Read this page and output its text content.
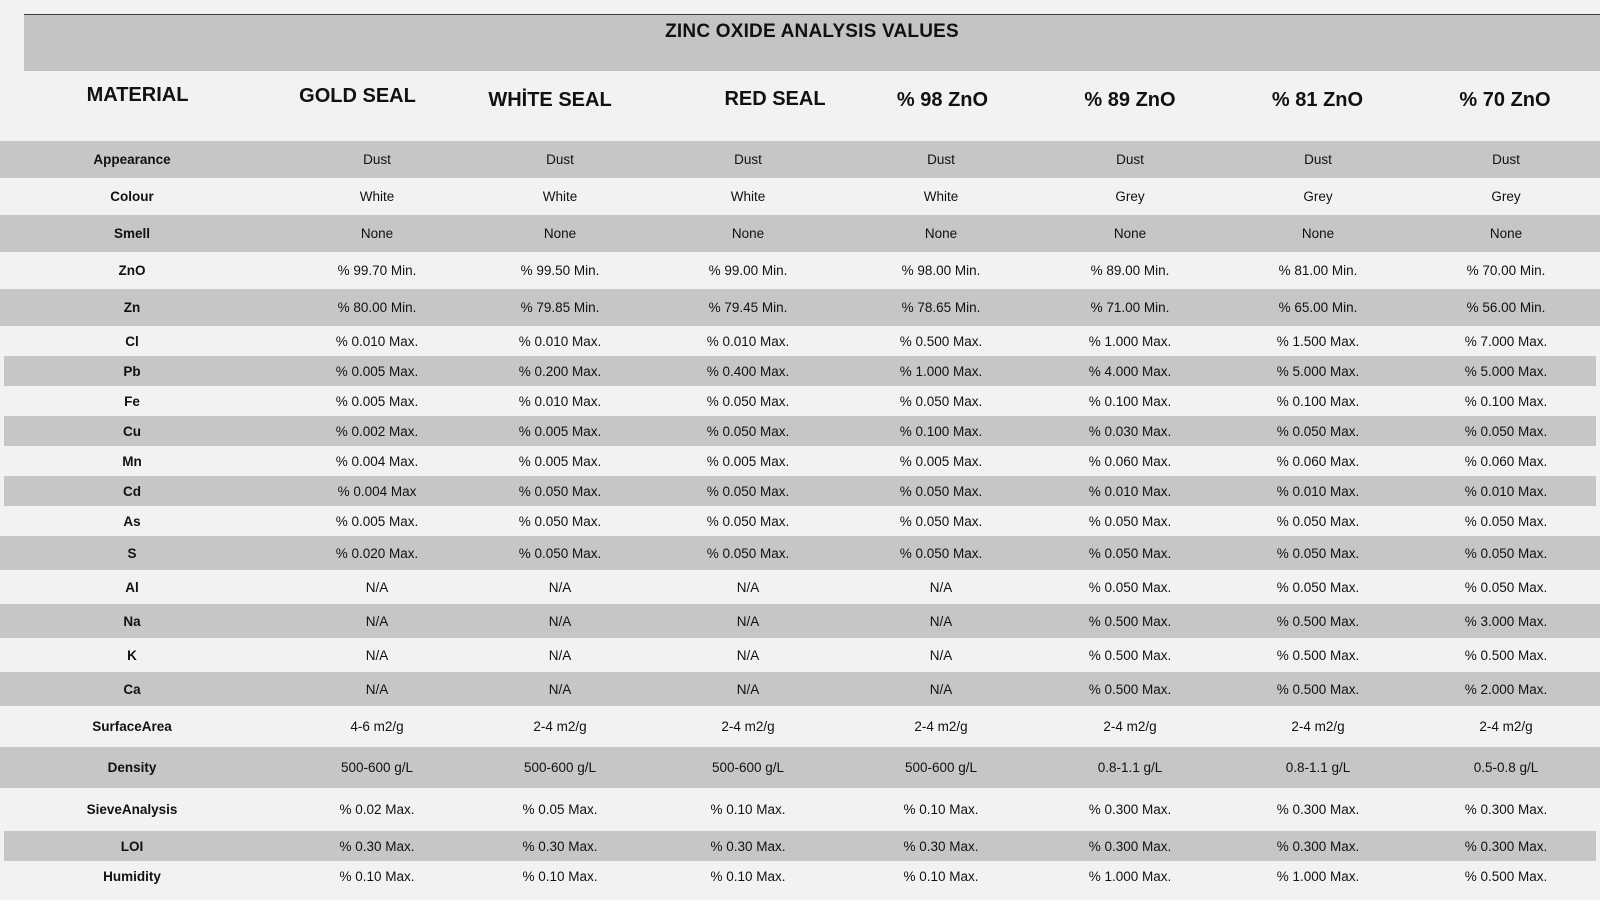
ZINC OXIDE ANALYSIS VALUES
MATERIAL	GOLD SEAL	WHİTE SEAL	RED SEAL	% 98 ZnO	% 89 ZnO	% 81 ZnO	% 70 ZnO
Appearance	Dust	Dust	Dust	Dust	Dust	Dust	Dust
Colour	White	White	White	White	Grey	Grey	Grey
Smell	None	None	None	None	None	None	None
ZnO	% 99.70 Min.	% 99.50 Min.	% 99.00 Min.	% 98.00 Min.	% 89.00 Min.	% 81.00 Min.	% 70.00 Min.
Zn	% 80.00 Min.	% 79.85 Min.	% 79.45 Min.	% 78.65 Min.	% 71.00 Min.	% 65.00 Min.	% 56.00 Min.
Cl	% 0.010 Max.	% 0.010 Max.	% 0.010 Max.	% 0.500 Max.	% 1.000 Max.	% 1.500 Max.	% 7.000 Max.
Pb	% 0.005 Max.	% 0.200 Max.	% 0.400 Max.	% 1.000 Max.	% 4.000 Max.	% 5.000 Max.	% 5.000 Max.
Fe	% 0.005 Max.	% 0.010 Max.	% 0.050 Max.	% 0.050 Max.	% 0.100 Max.	% 0.100 Max.	% 0.100 Max.
Cu	% 0.002 Max.	% 0.005 Max.	% 0.050 Max.	% 0.100 Max.	% 0.030 Max.	% 0.050 Max.	% 0.050 Max.
Mn	% 0.004 Max.	% 0.005 Max.	% 0.005 Max.	% 0.005 Max.	% 0.060 Max.	% 0.060 Max.	% 0.060 Max.
Cd	% 0.004 Max	% 0.050 Max.	% 0.050 Max.	% 0.050 Max.	% 0.010 Max.	% 0.010 Max.	% 0.010 Max.
As	% 0.005 Max.	% 0.050 Max.	% 0.050 Max.	% 0.050 Max.	% 0.050 Max.	% 0.050 Max.	% 0.050 Max.
S	% 0.020 Max.	% 0.050 Max.	% 0.050 Max.	% 0.050 Max.	% 0.050 Max.	% 0.050 Max.	% 0.050 Max.
Al	N/A	N/A	N/A	N/A	% 0.050 Max.	% 0.050 Max.	% 0.050 Max.
Na	N/A	N/A	N/A	N/A	% 0.500 Max.	% 0.500 Max.	% 3.000 Max.
K	N/A	N/A	N/A	N/A	% 0.500 Max.	% 0.500 Max.	% 0.500 Max.
Ca	N/A	N/A	N/A	N/A	% 0.500 Max.	% 0.500 Max.	% 2.000 Max.
SurfaceArea	4-6 m2/g	2-4 m2/g	2-4 m2/g	2-4 m2/g	2-4 m2/g	2-4 m2/g	2-4 m2/g
Density	500-600 g/L	500-600 g/L	500-600 g/L	500-600 g/L	0.8-1.1 g/L	0.8-1.1 g/L	0.5-0.8 g/L
SieveAnalysis	% 0.02 Max.	% 0.05 Max.	% 0.10 Max.	% 0.10 Max.	% 0.300 Max.	% 0.300 Max.	% 0.300 Max.
LOI	% 0.30 Max.	% 0.30 Max.	% 0.30 Max.	% 0.30 Max.	% 0.300 Max.	% 0.300 Max.	% 0.300 Max.
Humidity	% 0.10 Max.	% 0.10 Max.	% 0.10 Max.	% 0.10 Max.	% 1.000 Max.	% 1.000 Max.	% 0.500 Max.
